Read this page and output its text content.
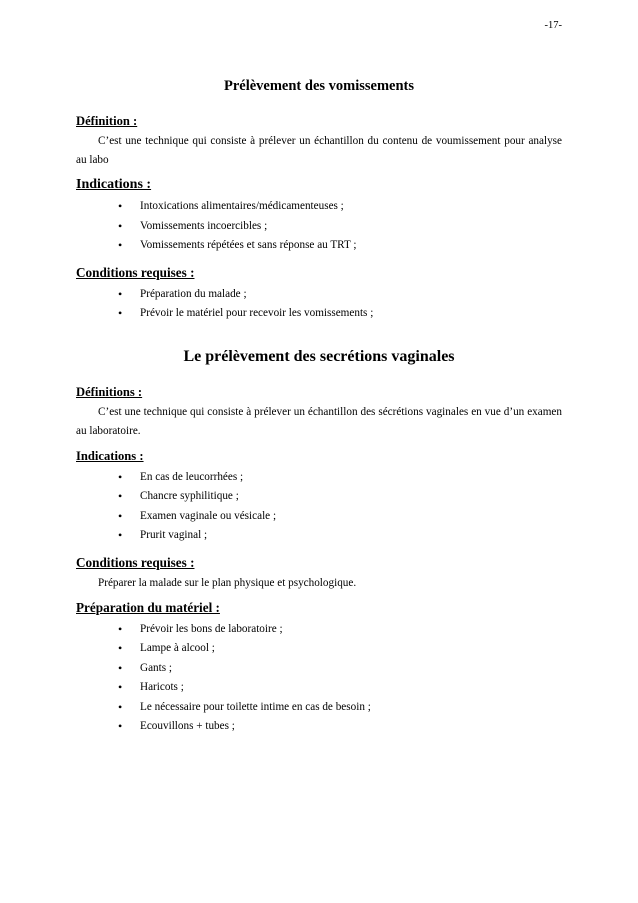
-17-
Prélèvement des vomissements
Définition :
C’est une technique qui consiste à prélever un échantillon du contenu de voumissement pour analyse au labo
Indications :
• Intoxications alimentaires/médicamenteuses ;
• Vomissements incoercibles ;
• Vomissements répétées et sans réponse au TRT ;
Conditions requises :
• Préparation du malade ;
• Prévoir le matériel pour recevoir les vomissements ;
Le prélèvement des secrétions vaginales
Définitions :
C’est une technique qui consiste à prélever un échantillon des sécrétions vaginales en vue d’un examen au laboratoire.
Indications :
• En cas de leucorrhées ;
• Chancre syphilitique ;
• Examen vaginale ou vésicale ;
• Prurit vaginal ;
Conditions requises :
Préparer la malade sur le plan physique et psychologique.
Préparation du matériel :
• Prévoir les bons de laboratoire ;
• Lampe à alcool ;
• Gants ;
• Haricots ;
• Le nécessaire pour toilette intime en cas de besoin ;
• Ecouvillons + tubes ;
